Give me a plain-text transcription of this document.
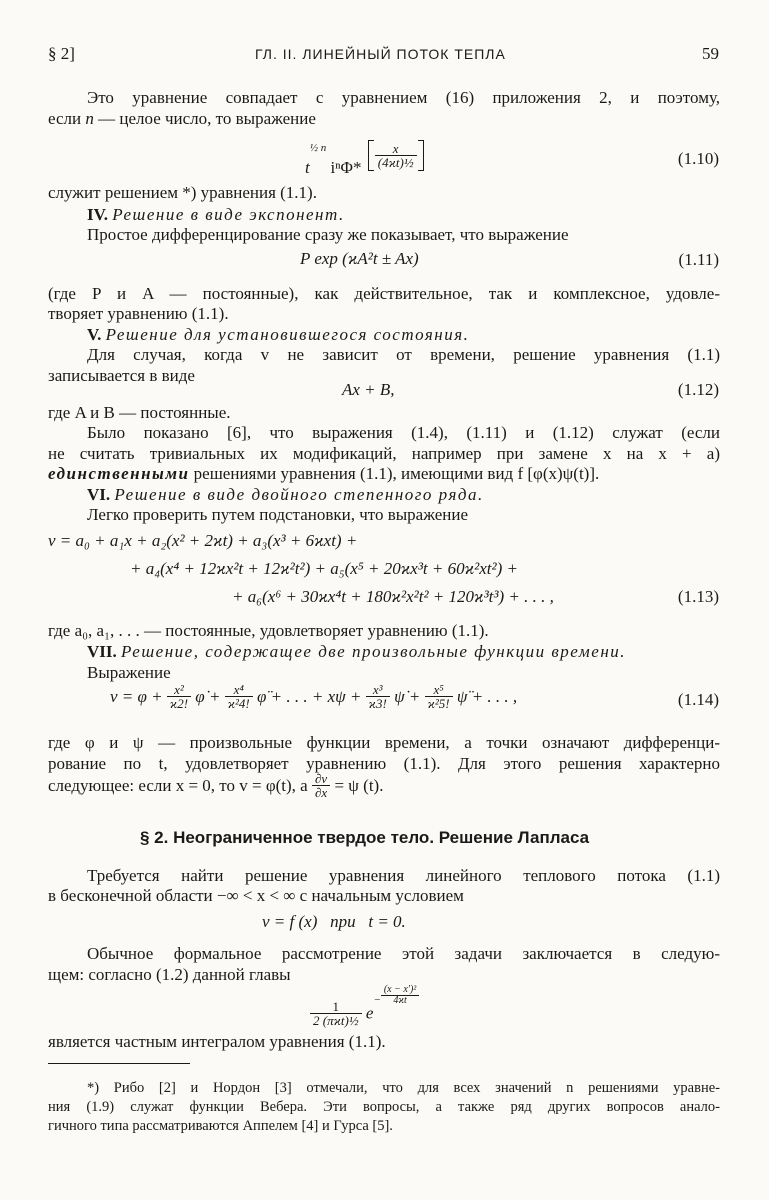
§ 2]	ГЛ. II. ЛИНЕЙНЫЙ ПОТОК ТЕПЛА	59
Это уравнение совпадает с уравнением (16) приложения 2, и поэтому,
если n — целое число, то выражение
$t^{\frac{1}{2} n}$ $i^n\Phi* \frac{x}{\text{(4ϰt)½}}$	(1.10)
служит решением *) уравнения (1.1).
IV. Решение в виде экспонент.
Простое дифференцирование сразу же показывает, что выражение
P exp (ϰA²t ± Ax)	(1.11)
(где P и A — постоянные), как действительное, так и комплексное, удовле-
творяет уравнению (1.1).
V. Решение для установившегося состояния.
Для случая, когда v не зависит от времени, решение уравнения (1.1)
записывается в виде
Ax + B,	(1.12)
где A и B — постоянные.
Было показано [6], что выражения (1.4), (1.11) и (1.12) служат (если
не считать тривиальных их модификаций, например при замене x на x + a)
единственными решениями уравнения (1.1), имеющими вид f [φ(x)ψ(t)].
VI. Решение в виде двойного степенного ряда.
Легко проверить путем подстановки, что выражение
v = a₀ + a₁x + a₂(x² + 2ϰt) + a₃(x³ + 6ϰxt) +
+ a₄(x⁴ + 12ϰx²t + 12ϰ²t²) + a₅(x⁵ + 20ϰx³t + 60ϰ²xt²) +
+ a₆(x⁶ + 30ϰx⁴t + 180ϰ²x²t² + 120ϰ³t³) + . . . ,	(1.13)
где a₀, a₁, . . . — постоянные, удовлетворяет уравнению (1.1).
VII. Решение, содержащее две произвольные функции времени.
Выражение
$v = \varphi + \frac{\text{x²}}{ϰ2!}$ φ̇ + $\frac{\text{x⁴}}{\text{ϰ²4!}}$ φ̈ + . . . + $x\psi + \frac{\text{x³}}{ϰ3!}$ ψ̇ + $\frac{\text{x⁵}}{\text{ϰ²5!}}$ ψ̈ + . . . ,	(1.14)
где φ и ψ — произвольные функции времени, а точки означают дифференци-
рование по t, удовлетворяет уравнению (1.1). Для этого решения характерно
следующее: если x = 0, то v = φ(t), а $\frac{\partial v}{\partial x} = \psi$ (t).
§ 2. Неограниченное твердое тело. Решение Лапласа
Требуется найти решение уравнения линейного теплового потока (1.1)
в бесконечной области −∞ < x < ∞ с начальным условием
v = f (x)   при   t = 0.
Обычное формальное рассмотрение этой задачи заключается в следую-
щем: согласно (1.2) данной главы
$\frac{1}{\text{2 (πϰt)½}} e^- \frac{\text{(x − x′)²}}{4ϰt}$
является частным интегралом уравнения (1.1).
*) Рибо [2] и Нордон [3] отмечали, что для всех значений n решениями уравне-
ния (1.9) служат функции Вебера. Эти вопросы, а также ряд других вопросов анало-
гичного типа рассматриваются Аппелем [4] и Гурса [5].
